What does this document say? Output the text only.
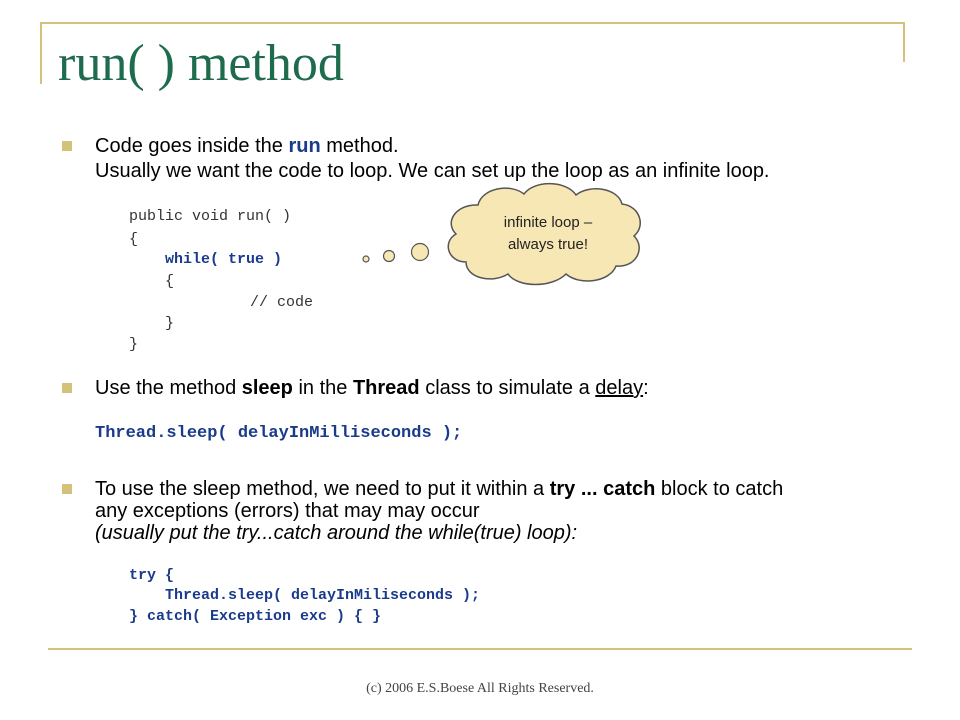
run( ) method
Code goes inside the run method.
Usually we want the code to loop. We can set up the loop as an infinite loop.
public void run( )
{
while( true )
{
// code
}
}
infinite loop –
always true!
Use the method sleep in the Thread class to simulate a delay:
Thread.sleep( delayInMilliseconds );
To use the sleep method, we need to put it within a try ... catch block to catch
any exceptions (errors) that may may occur
(usually put the try...catch around the while(true) loop):
try {
Thread.sleep( delayInMiliseconds );
} catch( Exception exc ) { }
(c) 2006 E.S.Boese All Rights Reserved.
